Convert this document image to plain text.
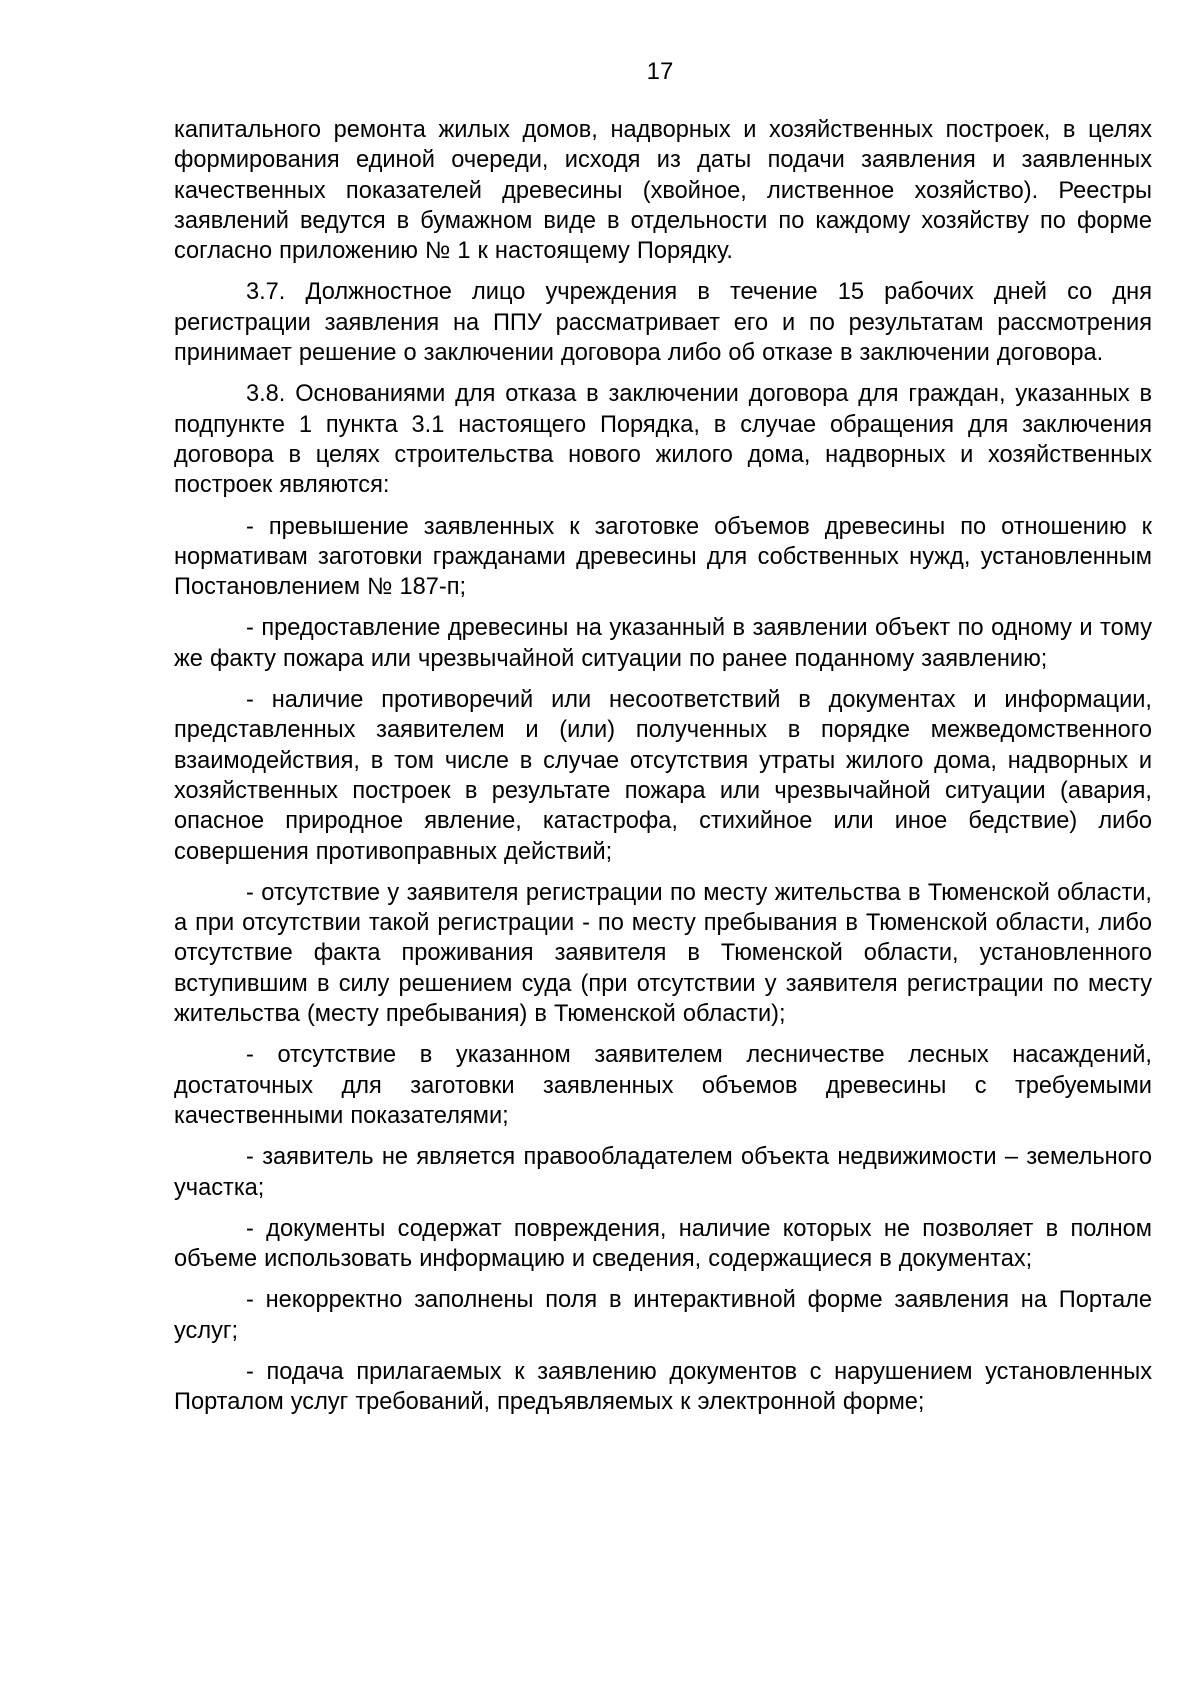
17

капитального ремонта жилых домов, надворных и хозяйственных построек, в целях формирования единой очереди, исходя из даты подачи заявления и заявленных качественных показателей древесины (хвойное, лиственное хозяйство). Реестры заявлений ведутся в бумажном виде в отдельности по каждому хозяйству по форме согласно приложению № 1 к настоящему Порядку.

3.7. Должностное лицо учреждения в течение 15 рабочих дней со дня регистрации заявления на ППУ рассматривает его и по результатам рассмотрения принимает решение о заключении договора либо об отказе в заключении договора.

3.8. Основаниями для отказа в заключении договора для граждан, указанных в подпункте 1 пункта 3.1 настоящего Порядка, в случае обращения для заключения договора в целях строительства нового жилого дома, надворных и хозяйственных построек являются:

- превышение заявленных к заготовке объемов древесины по отношению к нормативам заготовки гражданами древесины для собственных нужд, установленным Постановлением № 187-п;

- предоставление древесины на указанный в заявлении объект по одному и тому же факту пожара или чрезвычайной ситуации по ранее поданному заявлению;

- наличие противоречий или несоответствий в документах и информации, представленных заявителем и (или) полученных в порядке межведомственного взаимодействия, в том числе в случае отсутствия утраты жилого дома, надворных и хозяйственных построек в результате пожара или чрезвычайной ситуации (авария, опасное природное явление, катастрофа, стихийное или иное бедствие) либо совершения противоправных действий;

- отсутствие у заявителя регистрации по месту жительства в Тюменской области, а при отсутствии такой регистрации - по месту пребывания в Тюменской области, либо отсутствие факта проживания заявителя в Тюменской области, установленного вступившим в силу решением суда (при отсутствии у заявителя регистрации по месту жительства (месту пребывания) в Тюменской области);

- отсутствие в указанном заявителем лесничестве лесных насаждений, достаточных для заготовки заявленных объемов древесины с требуемыми качественными показателями;

- заявитель не является правообладателем объекта недвижимости – земельного участка;

- документы содержат повреждения, наличие которых не позволяет в полном объеме использовать информацию и сведения, содержащиеся в документах;

- некорректно заполнены поля в интерактивной форме заявления на Портале услуг;

- подача прилагаемых к заявлению документов с нарушением установленных Порталом услуг требований, предъявляемых к электронной форме;
